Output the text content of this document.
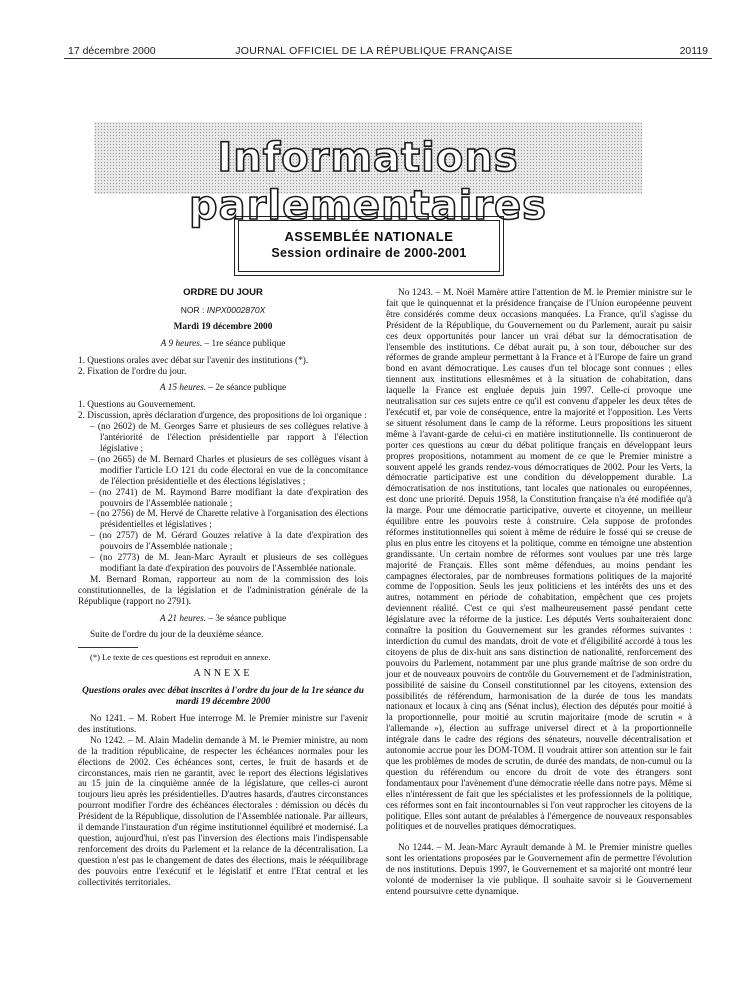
17 décembre 2000	JOURNAL OFFICIEL DE LA RÉPUBLIQUE FRANÇAISE	20119
Informations parlementaires
ASSEMBLÉE NATIONALE
Session ordinaire de 2000-2001

ORDRE DU JOUR

NOR : INPX0002870X

Mardi 19 décembre 2000

A 9 heures. – 1re séance publique

1. Questions orales avec débat sur l'avenir des institutions (*).

2. Fixation de l'ordre du jour.

A 15 heures. – 2e séance publique

1. Questions au Gouvernement.

2. Discussion, après déclaration d'urgence, des propositions de loi organique :

– (no 2602) de M. Georges Sarre et plusieurs de ses collègues relative à l'antériorité de l'élection présidentielle par rapport à l'élection législative ;

– (no 2665) de M. Bernard Charles et plusieurs de ses collègues visant à modifier l'article LO 121 du code électoral en vue de la concomitance de l'élection présidentielle et des élections législatives ;

– (no 2741) de M. Raymond Barre modifiant la date d'expiration des pouvoirs de l'Assemblée nationale ;

– (no 2756) de M. Hervé de Charette relative à l'organisation des élections présidentielles et législatives ;

– (no 2757) de M. Gérard Gouzes relative à la date d'expiration des pouvoirs de l'Assemblée nationale ;

– (no 2773) de M. Jean-Marc Ayrault et plusieurs de ses collègues modifiant la date d'expiration des pouvoirs de l'Assemblée nationale.

M. Bernard Roman, rapporteur au nom de la commission des lois constitutionnelles, de la législation et de l'administration générale de la République (rapport no 2791).

A 21 heures. – 3e séance publique

Suite de l'ordre du jour de la deuxième séance.

(*) Le texte de ces questions est reproduit en annexe.

ANNEXE

Questions orales avec débat inscrites à l'ordre du jour de la 1re séance du mardi 19 décembre 2000

No 1241. – M. Robert Hue interroge M. le Premier ministre sur l'avenir des institutions.

No 1242. – M. Alain Madelin demande à M. le Premier ministre, au nom de la tradition républicaine, de respecter les échéances normales pour les élections de 2002. Ces échéances sont, certes, le fruit de hasards et de circonstances, mais rien ne garantit, avec le report des élections législatives au 15 juin de la cinquième année de la législature, que celles-ci auront toujours lieu après les présidentielles. D'autres hasards, d'autres circonstances pourront modifier l'ordre des échéances électorales : démission ou décès du Président de la République, dissolution de l'Assemblée nationale. Par ailleurs, il demande l'instauration d'un régime institutionnel équilibré et modernisé. La question, aujourd'hui, n'est pas l'inversion des élections mais l'indispensable renforcement des droits du Parlement et la relance de la décentralisation. La question n'est pas le changement de dates des élections, mais le rééquilibrage des pouvoirs entre l'exécutif et le législatif et entre l'Etat central et les collectivités territoriales.

No 1243. – M. Noël Mamère attire l'attention de M. le Premier ministre sur le fait que le quinquennat et la présidence française de l'Union européenne peuvent être considérés comme deux occasions manquées. La France, qu'il s'agisse du Président de la République, du Gouvernement ou du Parlement, aurait pu saisir ces deux opportunités pour lancer un vrai débat sur la démocratisation de l'ensemble des institutions. Ce débat aurait pu, à son tour, déboucher sur des réformes de grande ampleur permettant à la France et à l'Europe de faire un grand bond en avant démocratique. Les causes d'un tel blocage sont connues ; elles tiennent aux institutions ellesmêmes et à la situation de cohabitation, dans laquelle la France est engluée depuis juin 1997. Celle-ci provoque une neutralisation sur ces sujets entre ce qu'il est convenu d'appeler les deux têtes de l'exécutif et, par voie de conséquence, entre la majorité et l'opposition. Les Verts se situent résolument dans le camp de la réforme. Leurs propositions les situent même à l'avant-garde de celui-ci en matière institutionnelle. Ils continueront de porter ces questions au cœur du débat politique français en développant leurs propres propositions, notamment au moment de ce que le Premier ministre a souvent appelé les grands rendez-vous démocratiques de 2002. Pour les Verts, la démocratie participative est une condition du développement durable. La démocratisation de nos institutions, tant locales que nationales ou européennes, est donc une priorité. Depuis 1958, la Constitution française n'a été modifiée qu'à la marge. Pour une démocratie participative, ouverte et citoyenne, un meilleur équilibre entre les pouvoirs reste à construire. Cela suppose de profondes réformes institutionnelles qui soient à même de réduire le fossé qui se creuse de plus en plus entre les citoyens et la politique, comme en témoigne une abstention grandissante. Un certain nombre de réformes sont voulues par une très large majorité de Français. Elles sont même défendues, au moins pendant les campagnes électorales, par de nombreuses formations politiques de la majorité comme de l'opposition. Seuls les jeux politiciens et les intérêts des uns et des autres, notamment en période de cohabitation, empêchent que ces projets deviennent réalité. C'est ce qui s'est malheureusement passé pendant cette législature avec la réforme de la justice. Les députés Verts souhaiteraient donc connaître la position du Gouvernement sur les grandes réformes suivantes : interdiction du cumul des mandats, droit de vote et d'éligibilité accordé à tous les citoyens de plus de dix-huit ans sans distinction de nationalité, renforcement des pouvoirs du Parlement, notamment par une plus grande maîtrise de son ordre du jour et de nouveaux pouvoirs de contrôle du Gouvernement et de l'administration, possibilité de saisine du Conseil constitutionnel par les citoyens, extension des possibilités de référendum, harmonisation de la durée de tous les mandats nationaux et locaux à cinq ans (Sénat inclus), élection des députés pour moitié à la proportionnelle, pour moitié au scrutin majoritaire (mode de scrutin « à l'allemande »), élection au suffrage universel direct et à la proportionnelle intégrale dans le cadre des régions des sénateurs, nouvelle décentralisation et autonomie accrue pour les DOM-TOM. Il voudrait attirer son attention sur le fait que les problèmes de modes de scrutin, de durée des mandats, de non-cumul ou la question du référendum ou encore du droit de vote des étrangers sont fondamentaux pour l'avènement d'une démocratie réelle dans notre pays. Même si elles n'intéressent de fait que les spécialistes et les professionnels de la politique, ces réformes sont en fait incontournables si l'on veut rapprocher les citoyens de la politique. Elles sont autant de préalables à l'émergence de nouveaux responsables politiques et de nouvelles pratiques démocratiques.

No 1244. – M. Jean-Marc Ayrault demande à M. le Premier ministre quelles sont les orientations proposées par le Gouvernement afin de permettre l'évolution de nos institutions. Depuis 1997, le Gouvernement et sa majorité ont montré leur volonté de moderniser la vie publique. Il souhaite savoir si le Gouvernement entend poursuivre cette dynamique.
